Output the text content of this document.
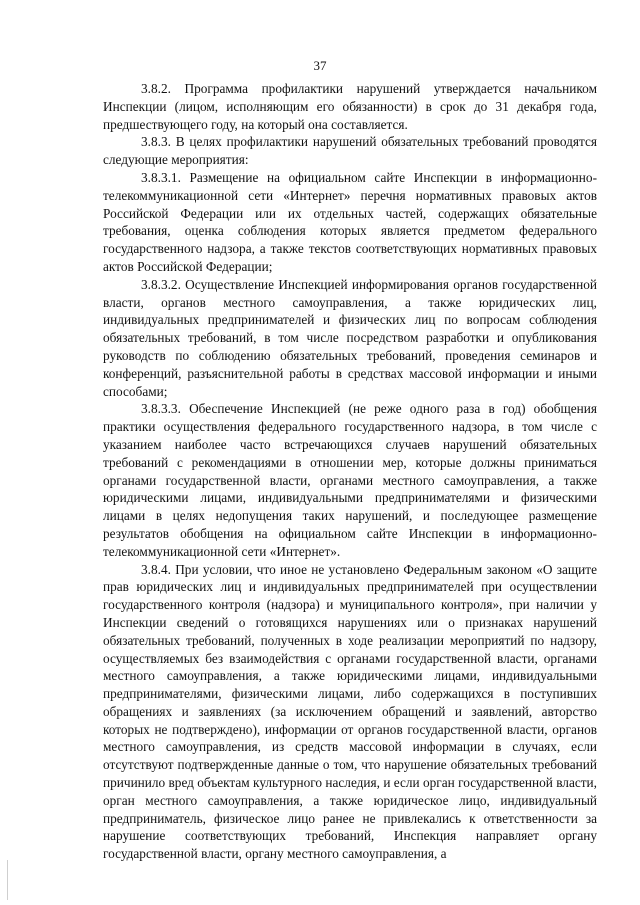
37

3.8.2. Программа профилактики нарушений утверждается начальником Инспекции (лицом, исполняющим его обязанности) в срок до 31 декабря года, предшествующего году, на который она составляется.

3.8.3. В целях профилактики нарушений обязательных требований проводятся следующие мероприятия:

3.8.3.1. Размещение на официальном сайте Инспекции в информационно-телекоммуникационной сети «Интернет» перечня нормативных правовых актов Российской Федерации или их отдельных частей, содержащих обязательные требования, оценка соблюдения которых является предметом федерального государственного надзора, а также текстов соответствующих нормативных правовых актов Российской Федерации;

3.8.3.2. Осуществление Инспекцией информирования органов государственной власти, органов местного самоуправления, а также юридических лиц, индивидуальных предпринимателей и физических лиц по вопросам соблюдения обязательных требований, в том числе посредством разработки и опубликования руководств по соблюдению обязательных требований, проведения семинаров и конференций, разъяснительной работы в средствах массовой информации и иными способами;

3.8.3.3. Обеспечение Инспекцией (не реже одного раза в год) обобщения практики осуществления федерального государственного надзора, в том числе с указанием наиболее часто встречающихся случаев нарушений обязательных требований с рекомендациями в отношении мер, которые должны приниматься органами государственной власти, органами местного самоуправления, а также юридическими лицами, индивидуальными предпринимателями и физическими лицами в целях недопущения таких нарушений, и последующее размещение результатов обобщения на официальном сайте Инспекции в информационно-телекоммуникационной сети «Интернет».

3.8.4. При условии, что иное не установлено Федеральным законом «О защите прав юридических лиц и индивидуальных предпринимателей при осуществлении государственного контроля (надзора) и муниципального контроля», при наличии у Инспекции сведений о готовящихся нарушениях или о признаках нарушений обязательных требований, полученных в ходе реализации мероприятий по надзору, осуществляемых без взаимодействия с органами государственной власти, органами местного самоуправления, а также юридическими лицами, индивидуальными предпринимателями, физическими лицами, либо содержащихся в поступивших обращениях и заявлениях (за исключением обращений и заявлений, авторство которых не подтверждено), информации от органов государственной власти, органов местного самоуправления, из средств массовой информации в случаях, если отсутствуют подтвержденные данные о том, что нарушение обязательных требований причинило вред объектам культурного наследия, и если орган государственной власти, орган местного самоуправления, а также юридическое лицо, индивидуальный предприниматель, физическое лицо ранее не привлекались к ответственности за нарушение соответствующих требований, Инспекция направляет органу государственной власти, органу местного самоуправления, а
